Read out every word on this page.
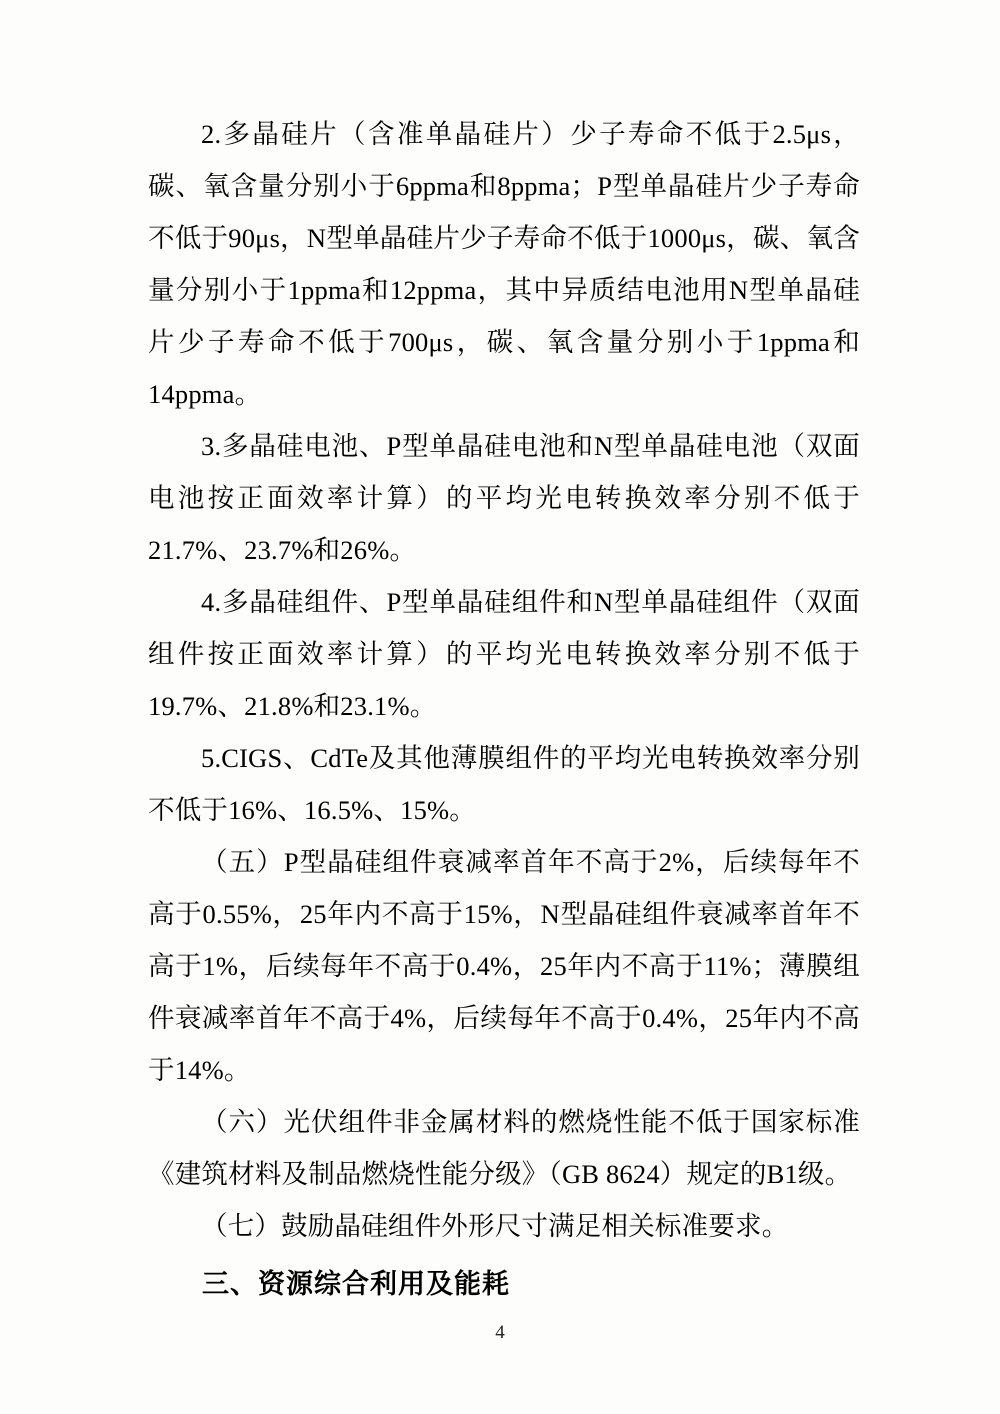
2.多晶硅片（含准单晶硅片）少子寿命不低于2.5μs，碳、氧含量分别小于6ppma和8ppma；P型单晶硅片少子寿命不低于90μs，N型单晶硅片少子寿命不低于1000μs，碳、氧含量分别小于1ppma和12ppma，其中异质结电池用N型单晶硅片少子寿命不低于700μs，碳、氧含量分别小于1ppma和14ppma。

3.多晶硅电池、P型单晶硅电池和N型单晶硅电池（双面电池按正面效率计算）的平均光电转换效率分别不低于21.7%、23.7%和26%。

4.多晶硅组件、P型单晶硅组件和N型单晶硅组件（双面组件按正面效率计算）的平均光电转换效率分别不低于19.7%、21.8%和23.1%。

5.CIGS、CdTe及其他薄膜组件的平均光电转换效率分别不低于16%、16.5%、15%。

（五）P型晶硅组件衰减率首年不高于2%，后续每年不高于0.55%，25年内不高于15%，N型晶硅组件衰减率首年不高于1%，后续每年不高于0.4%，25年内不高于11%；薄膜组件衰减率首年不高于4%，后续每年不高于0.4%，25年内不高于14%。

（六）光伏组件非金属材料的燃烧性能不低于国家标准《建筑材料及制品燃烧性能分级》（GB 8624）规定的B1级。

（七）鼓励晶硅组件外形尺寸满足相关标准要求。

三、资源综合利用及能耗

4
